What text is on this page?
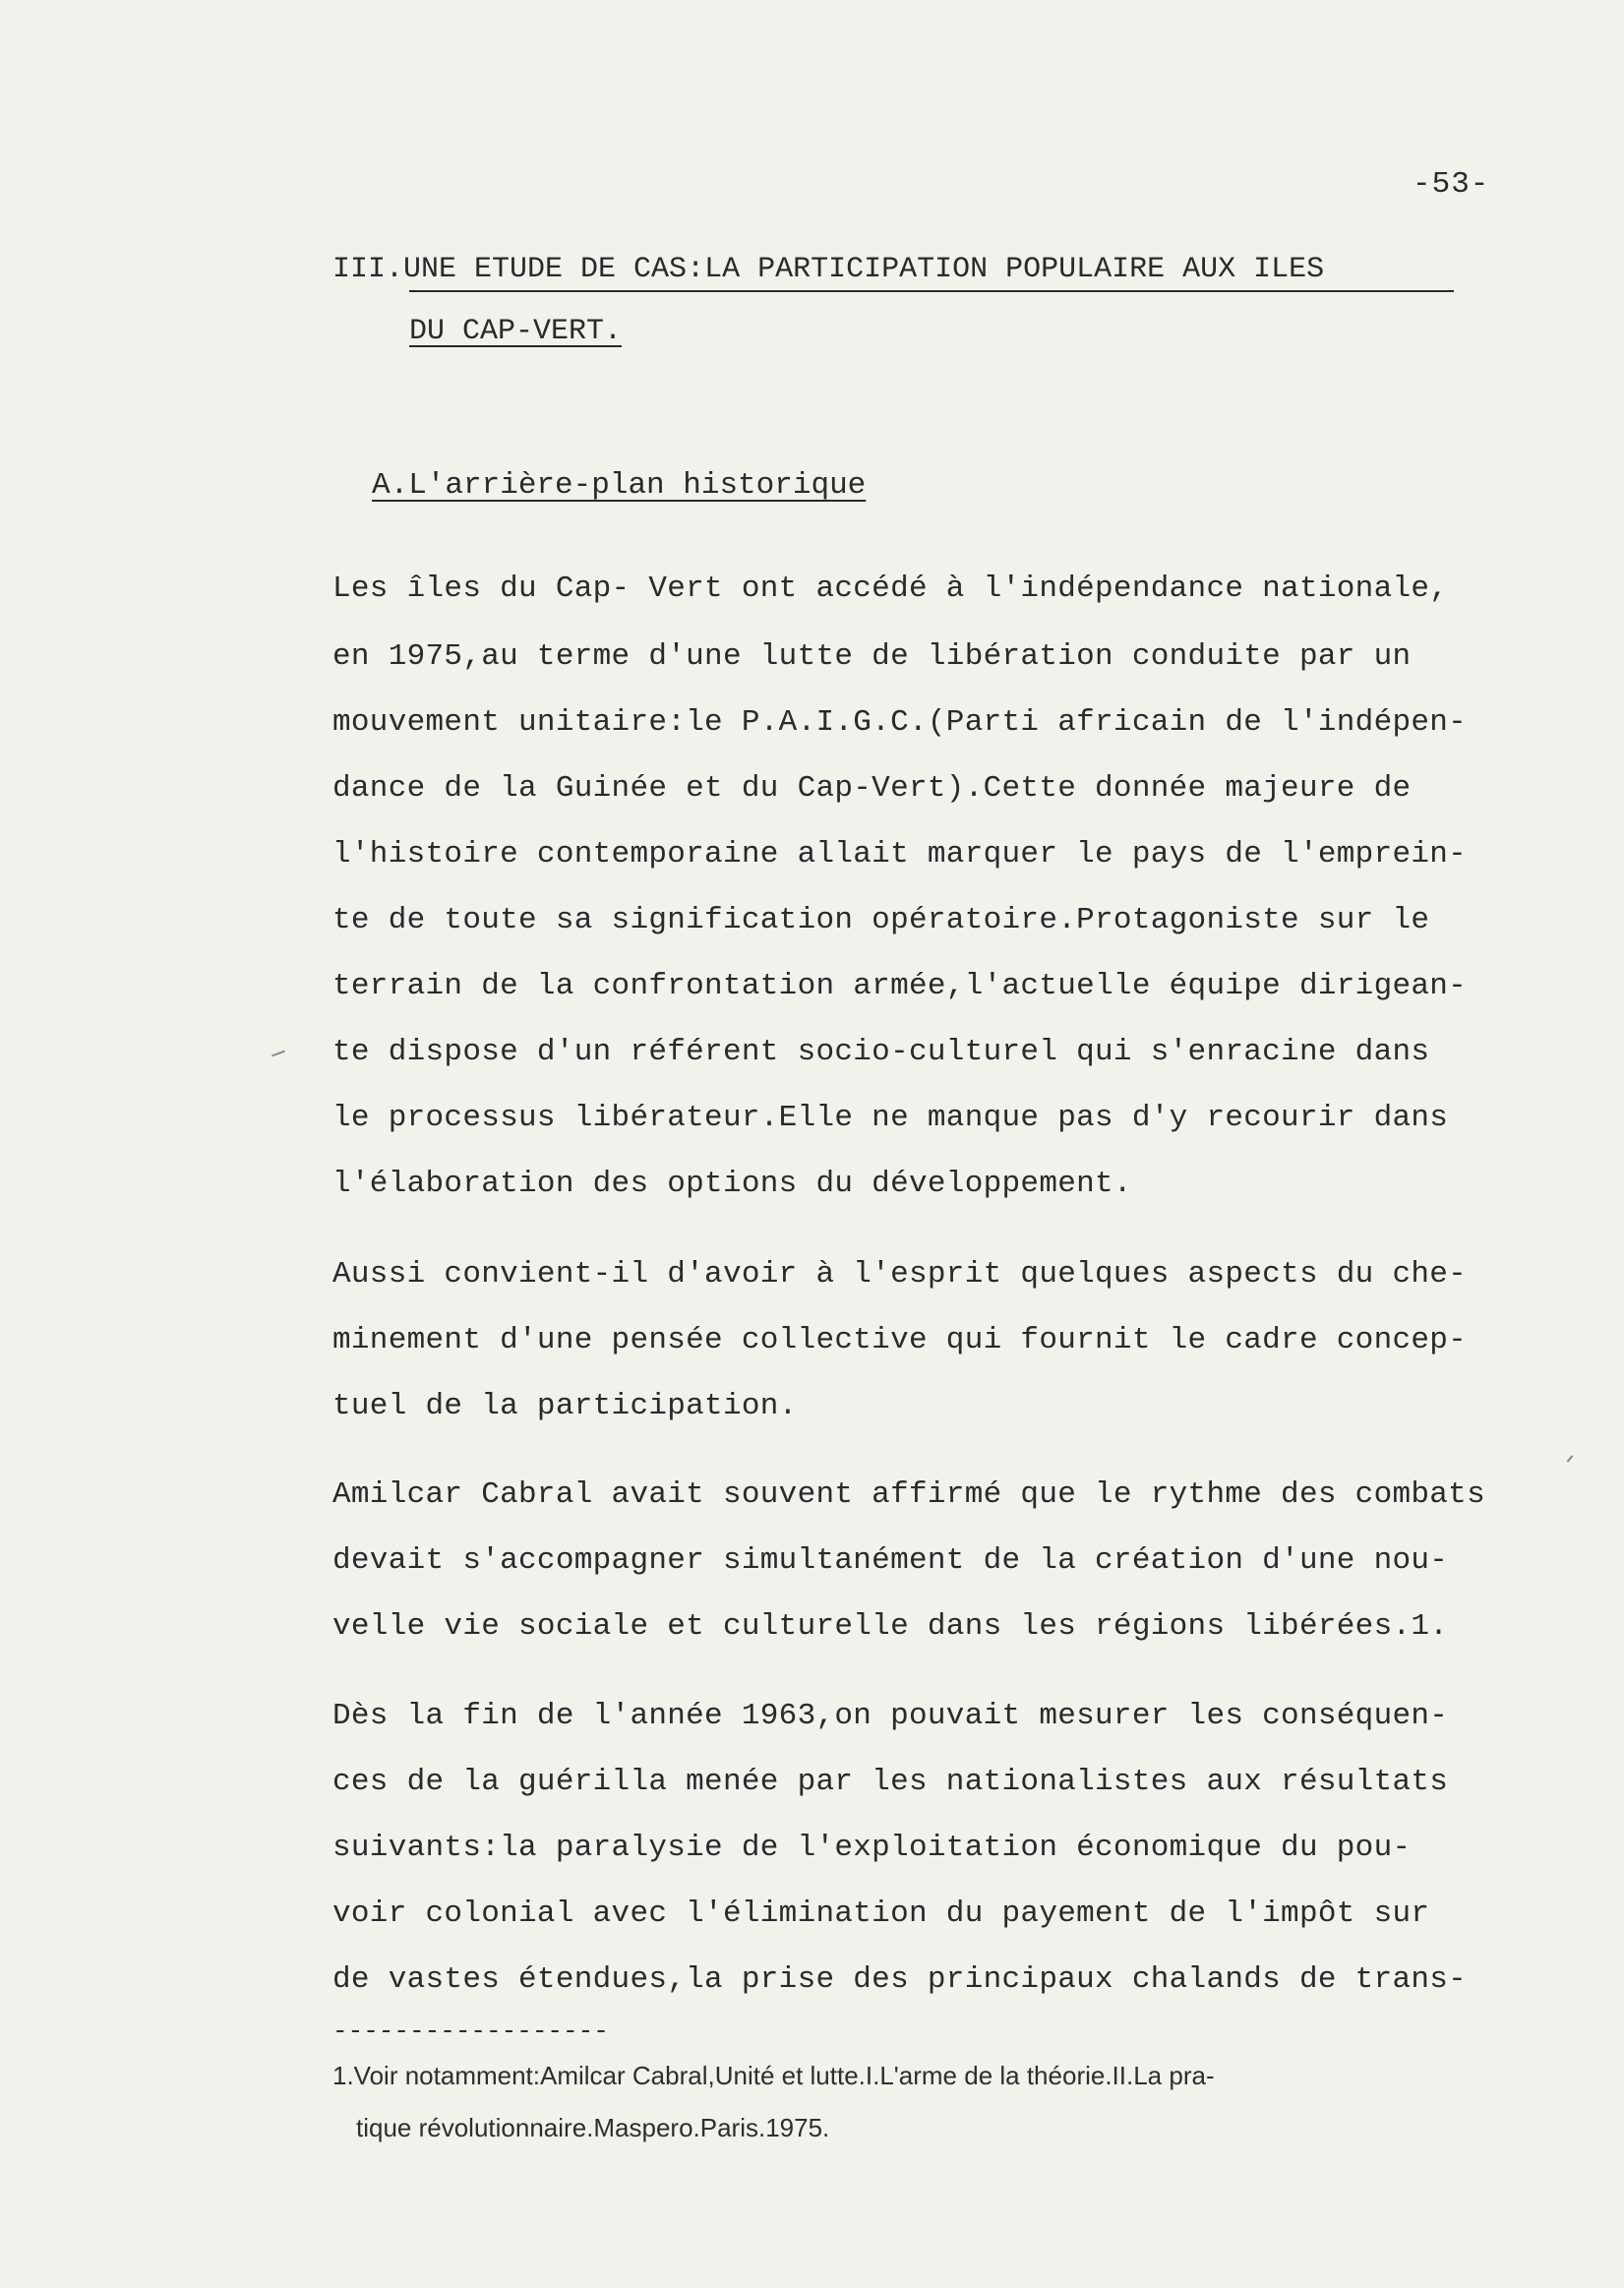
-53-
III.UNE ETUDE DE CAS:LA PARTICIPATION POPULAIRE AUX ILES
DU CAP-VERT.
A.L'arrière-plan historique
Les îles du Cap- Vert ont accédé à l'indépendance nationale,
en 1975,au terme d'une lutte de libération conduite par un
mouvement unitaire:le P.A.I.G.C.(Parti africain de l'indépen-
dance de la Guinée et du Cap-Vert).Cette donnée majeure de
l'histoire contemporaine allait marquer le pays de l'emprein-
te de toute sa signification opératoire.Protagoniste sur le
terrain de la confrontation armée,l'actuelle équipe dirigean-
te dispose d'un référent socio-culturel qui s'enracine dans
le processus libérateur.Elle ne manque pas d'y recourir dans
l'élaboration des options du développement.
Aussi convient-il d'avoir à l'esprit quelques aspects du che-
minement d'une pensée collective qui fournit le cadre concep-
tuel de la participation.
Amilcar Cabral avait souvent affirmé que le rythme des combats
devait s'accompagner simultanément de la création d'une nou-
velle vie sociale et culturelle dans les régions libérées.1.
Dès la fin de l'année 1963,on pouvait mesurer les conséquen-
ces de la guérilla menée par les nationalistes aux résultats
suivants:la paralysie de l'exploitation économique du pou-
voir colonial avec l'élimination du payement de l'impôt sur
de vastes étendues,la prise des principaux chalands de trans-
------------------
1.Voir notamment:Amilcar Cabral,Unité et lutte.I.L'arme de la théorie.II.La pra-
tique révolutionnaire.Maspero.Paris.1975.
